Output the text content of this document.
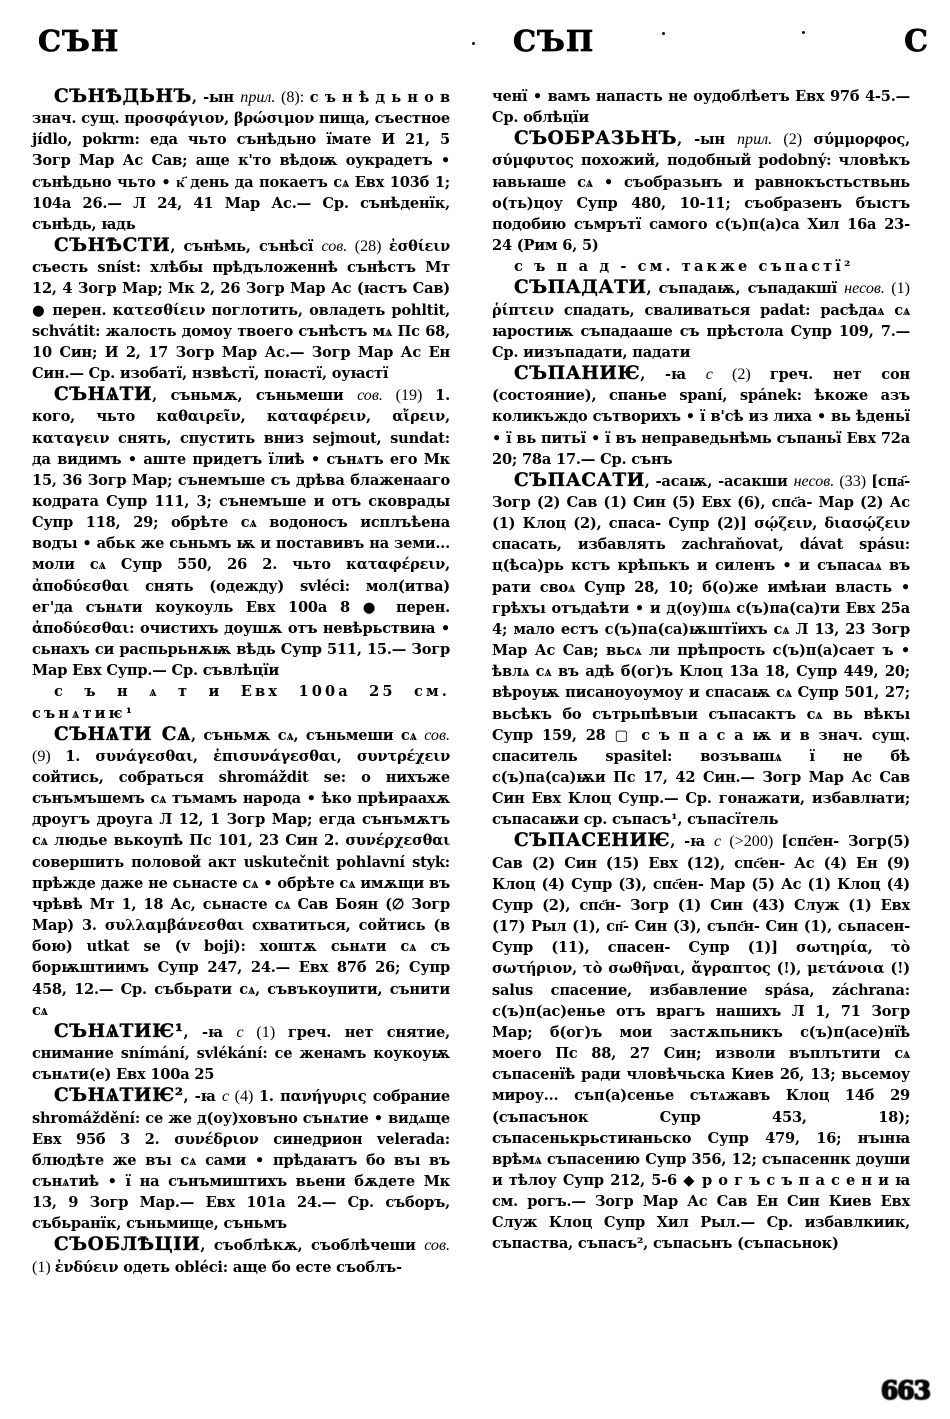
СЪН	СЪП	С

СЪНѢДЬНЪ, -ын прил. (8): с ъ н ѣ д ь н о в знач. сущ. προσφάγιον, βρώσιμον пища, съестное jídlo, pokrm: еда чьто сънѣдьно їмате И 21, 5 Зогр Мар Ас Сав; аще к'то вѣдоѭ оукрадетъ • сънѣдьно чьто • к҃ день да покаетъ сѧ Евх 103б 1; 104а 26.— Л 24, 41 Мар Ас.— Ср. сънѣденїк, сънѣдь, ꙗдь

СЪНѢСТИ, сънѣмь, сънѣсї сов. (28) ἐσθίειν съесть sníst: хлѣбы прѣдъложеннѣ сънѣстъ Мт 12, 4 Зогр Мар; Мк 2, 26 Зогр Мар Ас (ꙗстъ Сав) ● перен. κατεσθίειν поглотить, овладеть pohltit, schvátit: жалость домоу твоего сънѣстъ мѧ Пс 68, 10 Син; И 2, 17 Зогр Мар Ас.— Зогр Мар Ас Ен Син.— Ср. изобатї, нзвѣстї, поꙗстї, оуꙗстї

СЪНѦТИ, съньмѫ, съньмеши сов. (19) 1. кого, чьто καθαιρεῖν, καταφέρειν, αἴρειν, καταγειν снять, спустить вниз sejmout, sundat: да видимъ • аште придетъ їлиѣ • сънѧтъ его Мк 15, 36 Зогр Мар; сънемъше съ дрѣва блаженааго кодрата Супр 111, 3; сънемъше и отъ сковрады Супр 118, 29; обрѣте сѧ водоносъ исплъѣена водъı • абьк же сьньмъ ѭ и поставивъ на земи... моли сѧ Супр 550, 26 2. чьто καταφέρειν, ἀποδύεσθαι снять (одежду) svléci: мол(итва) ег'да сънѧти коукоуль Евх 100а 8 ● перен. ἀποδύεσθαι: очистихъ доушѫ отъ невѣрьствиꙗ • сьнахъ си распьрьнѫѭ вѣдь Супр 511, 15.— Зогр Мар Евх Супр.— Ср. съвлѣцїи

с ъ н ѧ т и Евх 100а 25 см. сънѧтиѥ¹

СЪНѦТИ СѦ, съньмѫ сѧ, съньмеши сѧ сов. (9) 1. συνάγεσθαι, ἐπισυνάγεσθαι, συντρέχειν сойтись, собраться shromáždit se: о нихъже сънъмъшемъ сѧ тъмамъ народа • ѣко прѣираахѫ дроугъ дроуга Л 12, 1 Зогр Мар; егда сънъмѫтъ сѧ людье вькоупѣ Пс 101, 23 Син 2. συνέρχεσθαι совершить половой акт uskutečnit pohlavní styk: прѣжде даже не сьнасте сѧ • обрѣте сѧ имѫщи въ чрѣвѣ Мт 1, 18 Ас, сьнасте сѧ Сав Боян (∅ Зогр Мар) 3. συλλαμβάνεσθαι схватиться, сойтись (в бою) utkat se (v boji): хоштѫ сьнѧти сѧ съ борѭштиимъ Супр 247, 24.— Евх 87б 26; Супр 458, 12.— Ср. събьрати сѧ, съвъкоупити, сънити сѧ

СЪНѦТИѤ¹, -ꙗ с (1) греч. нет снятие, снимание snímání, svlékání: се женамъ коукоуѭ сънѧти(е) Евх 100а 25

СЪНѦТИѤ², -ꙗ с (4) 1. πανήγυρις собрание shromáždění: се же д(оу)ховъно сънѧтие • видѧще Евх 95б 3 2. συνέδριον синедрион velerada: блюдѣте же въı сѧ сами • прѣдаꙗтъ бо въı въ сънѧтиѣ • ї на сънъмиштихъ вьени бѫдете Мк 13, 9 Зогр Мар.— Евх 101а 24.— Ср. съборъ, събьранїк, съньмище, съньмъ

СЪОБЛѢЦІИ, съоблѣкѫ, съоблѣчеши сов. (1) ἐνδύειν одеть obléci: аще бо есте съоблъ-

ченї • вамъ напасть не оудоблѣетъ Евх 97б 4-5.— Ср. облѣцїи

СЪОБРАЗЬНЪ, -ын прил. (2) σύμμορφος, σύμφυτος похожий, подобный podobný: чловѣкъ ꙗвьꙗше сѧ • съобразьнъ и равнокъстьствьнь о(ть)цоу Супр 480, 10-11; съобразенъ бъıстъ подобию съмрътї самого с(ъ)п(а)са Хил 16а 23-24 (Рим 6, 5)

с ъ п а д - см. также съпастї²

СЪПАДАТИ, съпадаѭ, съпадакшї несов. (1) ῥίπτειν спадать, сваливаться padat: расѣдаѧ сѧ ꙗростиѭ съпадааше съ прѣстола Супр 109, 7.— Ср. иизъпадати, падати

СЪПАНИѤ, -ꙗ с (2) греч. нет сон (состояние), спанье spaní, spánek: ѣкоже азъ коликъждо сътворихъ • ї в'сѣ из лиха • вь ѣденьї • ї вь питьї • ї въ неправедьнѣмь съпаньї Евх 72а 20; 78а 17.— Ср. сънъ

СЪПАСАТИ, -асаѭ, -асакши несов. (33) [спа҃- Зогр (2) Сав (1) Син (5) Евх (6), спс҃а- Мар (2) Ас (1) Клоц (2), спаса- Супр (2)] σῴζειν, διασῴζειν спасать, избавлять zachraňovat, dávat spásu: ц(ѣса)рь кстъ крѣпькъ и силенъ • и съпасаѧ въ рати своѧ Супр 28, 10; б(о)же имѣꙗи власть • грѣхъı отъдаѣти • и д(оу)шѧ с(ъ)па(са)ти Евх 25а 4; мало естъ с(ъ)па(са)ѭштїихъ сѧ Л 13, 23 Зогр Мар Ас Сав; вьсѧ ли прѣпрость с(ъ)п(а)сает ъ • ѣвлѧ сѧ въ адѣ б(ог)ъ Клоц 13а 18, Супр 449, 20; вѣроуѭ писаноуоумоу и спасаѭ сѧ Супр 501, 27; вьсѣкъ бо сътрьпѣвъıи съпасактъ сѧ вь вѣкъı Супр 159, 28 ▢ с ъ п а с а ѭ и в знач. сущ. спаситель spasitel: возъвашѧ ї не бѣ с(ъ)па(са)ѭи Пс 17, 42 Син.— Зогр Мар Ас Сав Син Евх Клоц Супр.— Ср. гонажати, избавлꙗти; съпасаѭи ср. съпасъ¹, съпасїтель

СЪПАСЕНИѤ, -ꙗ с (>200) [спс҃ен- Зогр(5) Сав (2) Син (15) Евх (12), спс҃ен- Ас (4) Ен (9) Клоц (4) Супр (3), спс҃ен- Мар (5) Ас (1) Клоц (4) Супр (2), спс҃н- Зогр (1) Син (43) Служ (1) Евх (17) Рыл (1), сп҃- Син (3), съпс҃н- Син (1), сьпасен- Супр (11), спасен- Супр (1)] σωτηρία, τὸ σωτήριον, τὸ σωθῆναι, ἄγραπτος (!), μετάνοια (!) salus спасение, избавление spása, záchrana: с(ъ)п(ас)енье отъ врагъ нашихъ Л 1, 71 Зогр Мар; б(ог)ъ мои застѫпьникъ с(ъ)п(асе)нїѣ моего Пс 88, 27 Син; изволи въплътити сѧ съпасенїѣ ради чловѣчьска Киев 2б, 13; вьсемоу мироу... съп(а)сенье сътѧжавъ Клоц 14б 29 (съпасънок Супр 453, 18); съпасенькрьстиꙗньско Супр 479, 16; нъıнꙗ врѣмѧ съпасению Супр 356, 12; съпасеннк доуши и тѣлоу Супр 212, 5-6 ◆ р о г ъ с ъ п а с е н и ꙗ см. рогъ.— Зогр Мар Ас Сав Ен Син Киев Евх Служ Клоц Супр Хил Рыл.— Ср. избавлкиик, съпаства, съпасъ², съпасьнъ (съпасьнок)

663
